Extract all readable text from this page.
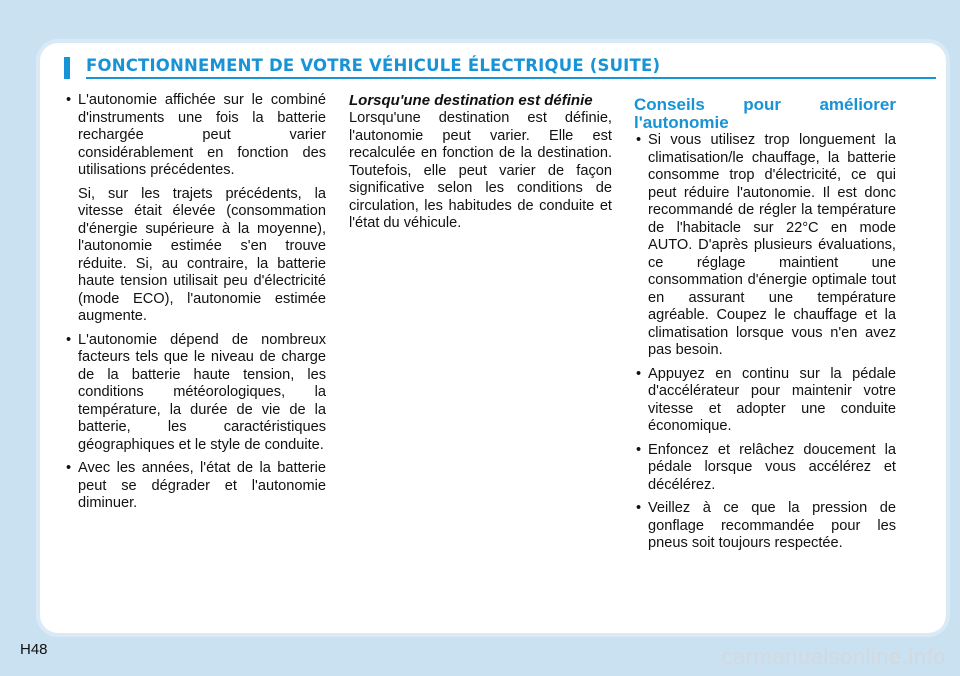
FONCTIONNEMENT DE VOTRE VÉHICULE ÉLECTRIQUE (SUITE)

• L'autonomie affichée sur le combiné d'instruments une fois la batterie rechargée peut varier considérablement en fonction des utilisations précédentes.

Si, sur les trajets précédents, la vitesse était élevée (consommation d'énergie supérieure à la moyenne), l'autonomie estimée s'en trouve réduite. Si, au contraire, la batterie haute tension utilisait peu d'électricité (mode ECO), l'autonomie estimée augmente.

• L'autonomie dépend de nombreux facteurs tels que le niveau de charge de la batterie haute tension, les conditions météorologiques, la température, la durée de vie de la batterie, les caractéristiques géographiques et le style de conduite.

• Avec les années, l'état de la batterie peut se dégrader et l'autonomie diminuer.

Lorsqu'une destination est définie

Lorsqu'une destination est définie, l'autonomie peut varier. Elle est recalculée en fonction de la destination. Toutefois, elle peut varier de façon significative selon les conditions de circulation, les habitudes de conduite et l'état du véhicule.

Conseils pour améliorer l'autonomie

• Si vous utilisez trop longuement la climatisation/le chauffage, la batterie consomme trop d'électricité, ce qui peut réduire l'autonomie. Il est donc recommandé de régler la température de l'habitacle sur 22°C en mode AUTO. D'après plusieurs évaluations, ce réglage maintient une consommation d'énergie optimale tout en assurant une température agréable. Coupez le chauffage et la climatisation lorsque vous n'en avez pas besoin.

• Appuyez en continu sur la pédale d'accélérateur pour maintenir votre vitesse et adopter une conduite économique.

• Enfoncez et relâchez doucement la pédale lorsque vous accélérez et décélérez.

• Veillez à ce que la pression de gonflage recommandée pour les pneus soit toujours respectée.

H48	carmanualsonline.info
